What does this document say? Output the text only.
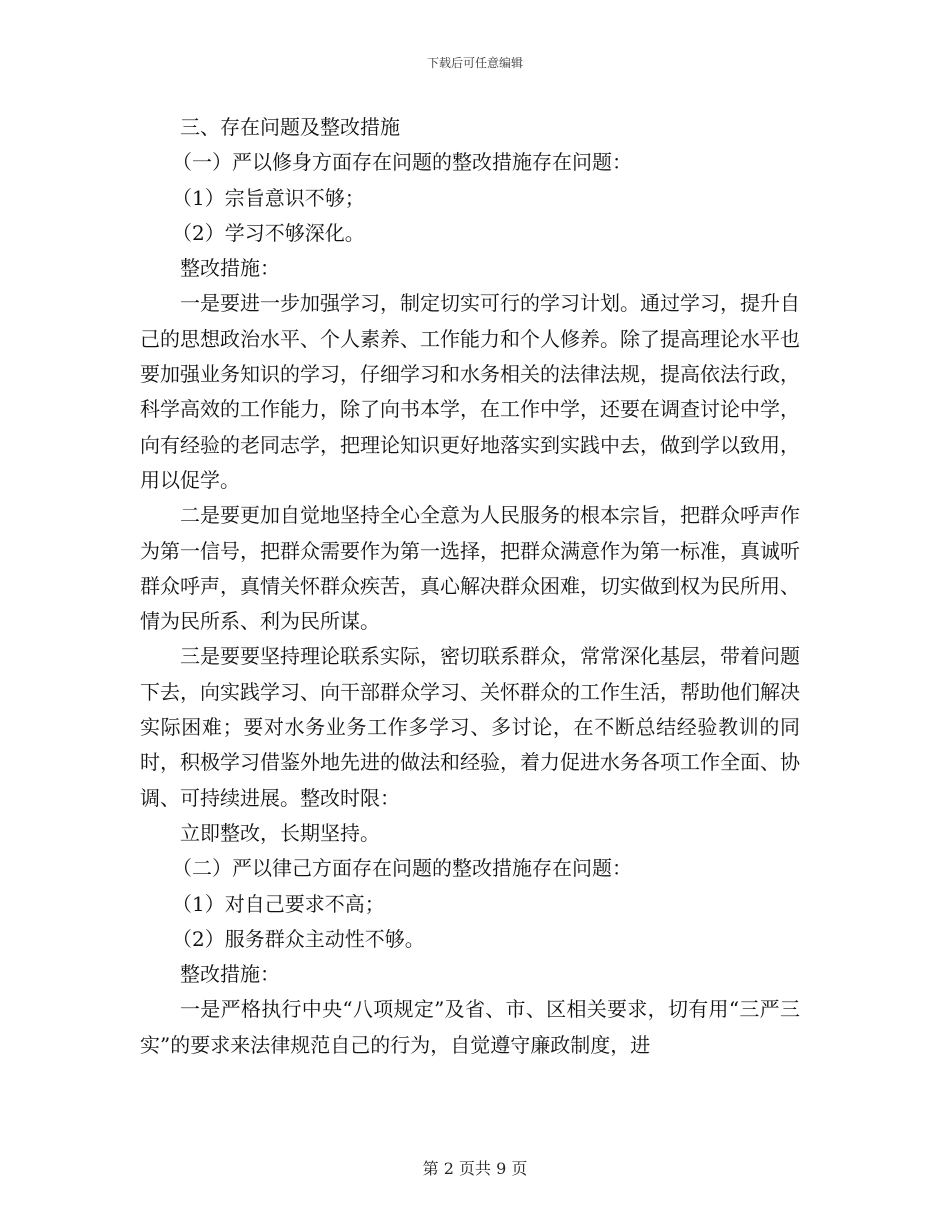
下载后可任意编辑

三、存在问题及整改措施

（一）严以修身方面存在问题的整改措施存在问题：

（1）宗旨意识不够；

（2）学习不够深化。

整改措施：

一是要进一步加强学习，制定切实可行的学习计划。通过学习，提升自己的思想政治水平、个人素养、工作能力和个人修养。除了提高理论水平也要加强业务知识的学习，仔细学习和水务相关的法律法规，提高依法行政，科学高效的工作能力，除了向书本学，在工作中学，还要在调查讨论中学，向有经验的老同志学，把理论知识更好地落实到实践中去，做到学以致用，用以促学。

二是要更加自觉地坚持全心全意为人民服务的根本宗旨，把群众呼声作为第一信号，把群众需要作为第一选择，把群众满意作为第一标准，真诚听群众呼声，真情关怀群众疾苦，真心解决群众困难，切实做到权为民所用、情为民所系、利为民所谋。

三是要要坚持理论联系实际，密切联系群众，常常深化基层，带着问题下去，向实践学习、向干部群众学习、关怀群众的工作生活，帮助他们解决实际困难；要对水务业务工作多学习、多讨论，在不断总结经验教训的同时，积极学习借鉴外地先进的做法和经验，着力促进水务各项工作全面、协调、可持续进展。整改时限：

立即整改，长期坚持。

（二）严以律己方面存在问题的整改措施存在问题：

（1）对自己要求不高；

（2）服务群众主动性不够。

整改措施：

一是严格执行中央“八项规定”及省、市、区相关要求，切有用“三严三实”的要求来法律规范自己的行为，自觉遵守廉政制度，进

第 2 页共 9 页
